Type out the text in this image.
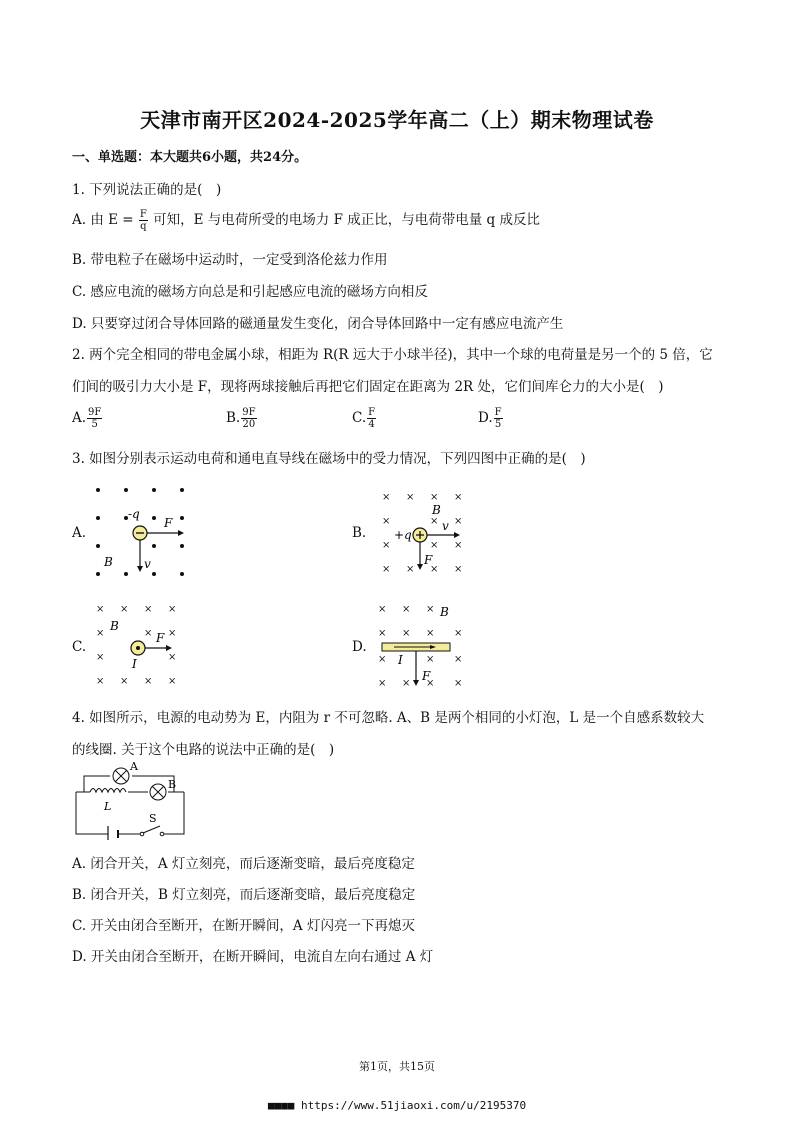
天津市南开区2024-2025学年高二（上）期末物理试卷
一、单选题：本大题共6小题，共24分。
1. 下列说法正确的是(　)
A. 由 $E = \frac{F}{q}$ 可知，E 与电荷所受的电场力 F 成正比，与电荷带电量 q 成反比
B. 带电粒子在磁场中运动时，一定受到洛伦兹力作用
C. 感应电流的磁场方向总是和引起感应电流的磁场方向相反
D. 只要穿过闭合导体回路的磁通量发生变化，闭合导体回路中一定有感应电流产生
2. 两个完全相同的带电金属小球，相距为 R(R 远大于小球半径)，其中一个球的电荷量是另一个的 5 倍，它
们间的吸引力大小是 F，现将两球接触后再把它们固定在距离为 2R 处，它们间库仑力的大小是(　)
A. $\frac{9F}{5}$	B. $\frac{9F}{20}$	C. $\frac{F}{4}$	D. $\frac{F}{5}$
3. 如图分别表示运动电荷和通电直导线在磁场中的受力情况，下列四图中正确的是(　)
A.	B.
C.	D.
-q
F
v
B
× × × ×
×	×
×
×	× ×
× × × ×
+q
v
F
B
× × × ×
×	× ×
×	×
× × × ×
F
I
B
× × ×
× × × ×
×	× ×
× × × ×
I
F
B
4. 如图所示，电源的电动势为 E，内阻为 r 不可忽略. A、B 是两个相同的小灯泡，L 是一个自感系数较大
的线圈. 关于这个电路的说法中正确的是(　)
A
B
L
S
A. 闭合开关，A 灯立刻亮，而后逐渐变暗，最后亮度稳定
B. 闭合开关，B 灯立刻亮，而后逐渐变暗，最后亮度稳定
C. 开关由闭合至断开，在断开瞬间，A 灯闪亮一下再熄灭
D. 开关由闭合至断开，在断开瞬间，电流自左向右通过 A 灯
第1页，共15页
■■■■ https://www.51jiaoxi.com/u/2195370
